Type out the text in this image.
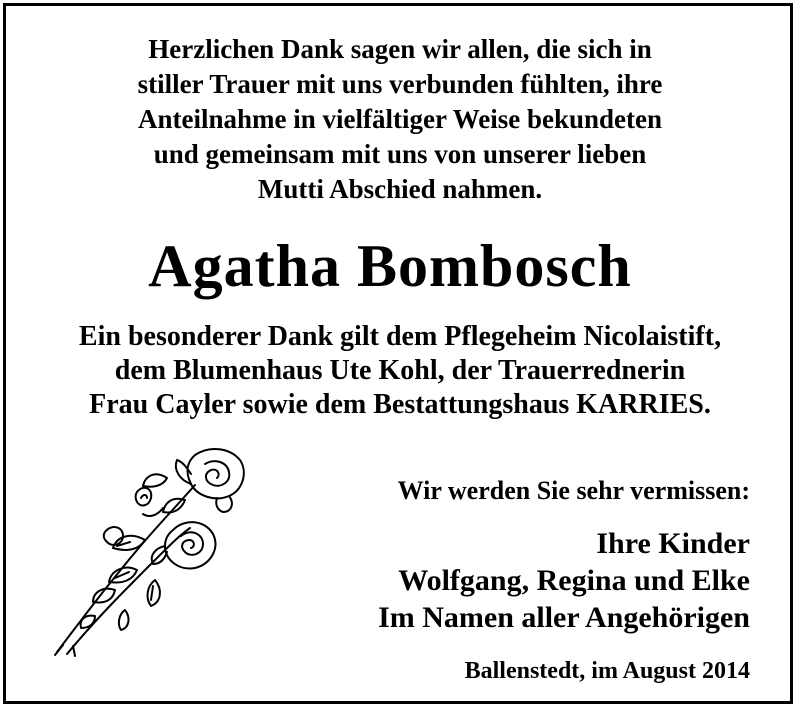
Herzlichen Dank sagen wir allen, die sich in
stiller Trauer mit uns verbunden fühlten, ihre
Anteilnahme in vielfältiger Weise bekundeten
und gemeinsam mit uns von unserer lieben
Mutti Abschied nahmen.
Agatha Bombosch
Ein besonderer Dank gilt dem Pflegeheim Nicolaistift,
dem Blumenhaus Ute Kohl, der Trauerrednerin
Frau Cayler sowie dem Bestattungshaus KARRIES.
Wir werden Sie sehr vermissen:
Ihre Kinder
Wolfgang, Regina und Elke
Im Namen aller Angehörigen
Ballenstedt, im August 2014
